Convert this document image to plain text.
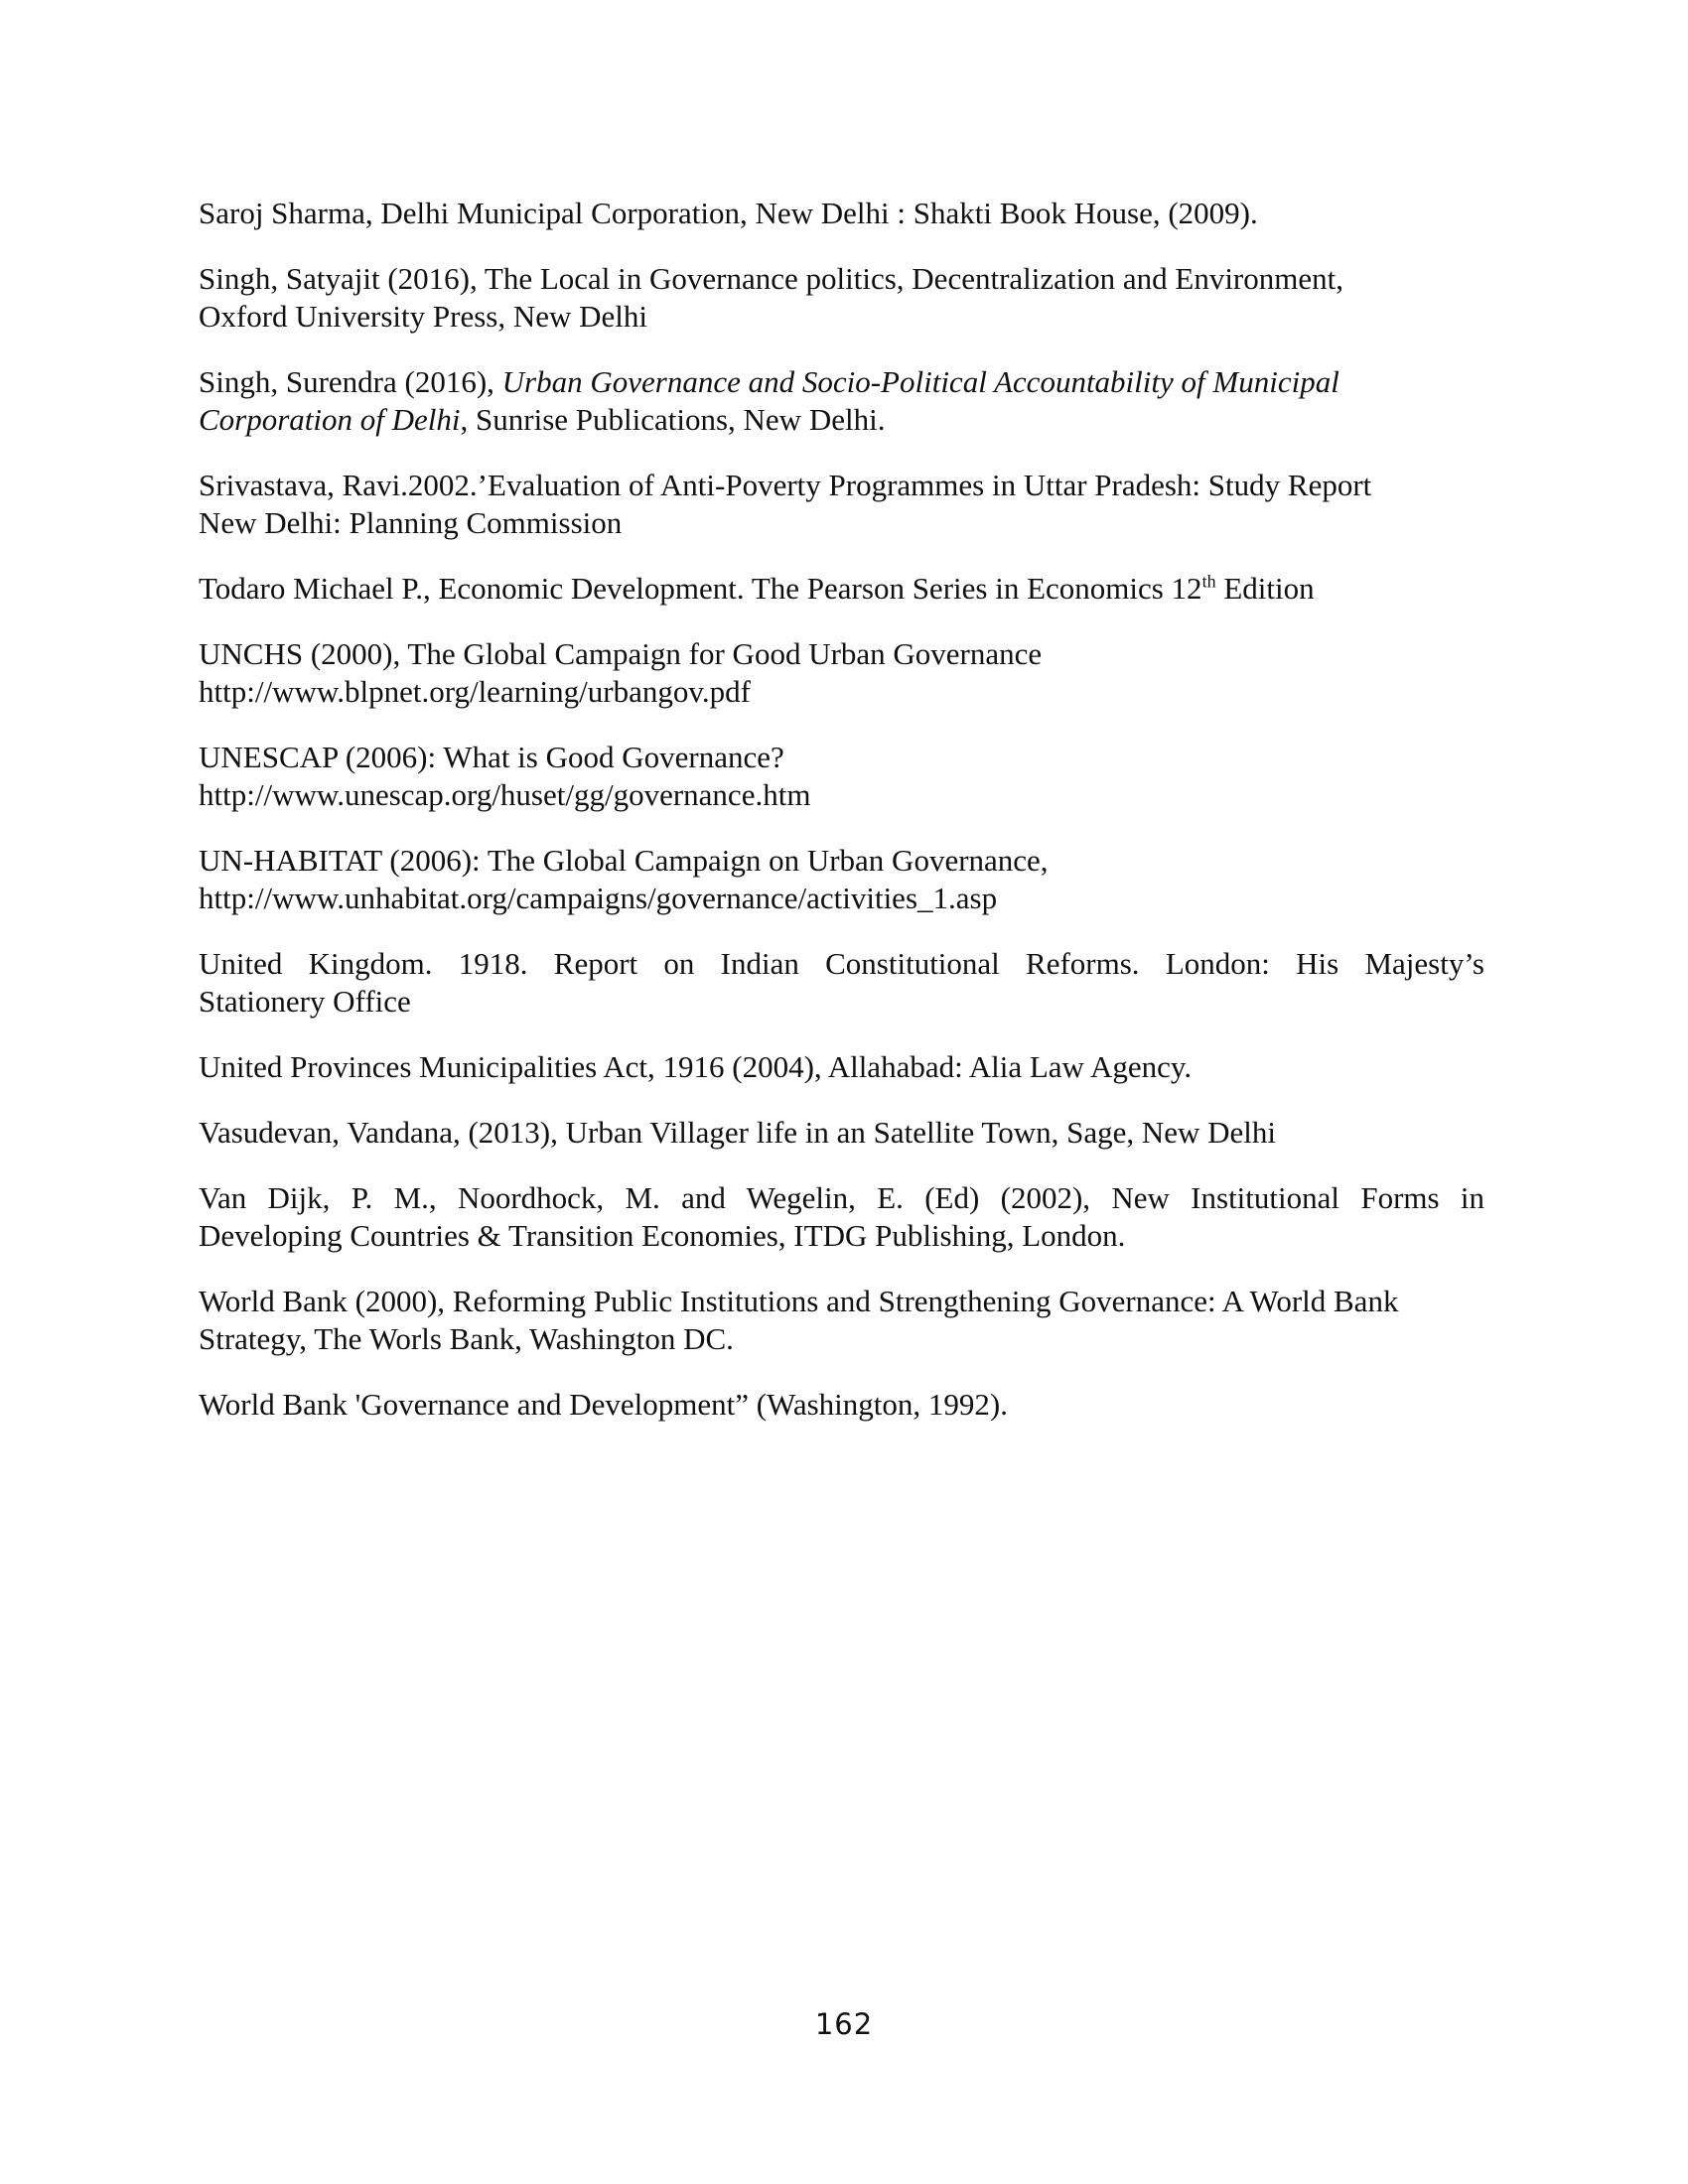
Saroj Sharma, Delhi Municipal Corporation, New Delhi : Shakti Book House, (2009).

Singh, Satyajit (2016), The Local in Governance politics, Decentralization and Environment,
Oxford University Press, New Delhi

Singh, Surendra (2016), Urban Governance and Socio-Political Accountability of Municipal
Corporation of Delhi, Sunrise Publications, New Delhi.

Srivastava, Ravi.2002.’Evaluation of Anti-Poverty Programmes in Uttar Pradesh: Study Report
New Delhi: Planning Commission

Todaro Michael P., Economic Development. The Pearson Series in Economics 12th Edition

UNCHS (2000), The Global Campaign for Good Urban Governance
http://www.blpnet.org/learning/urbangov.pdf

UNESCAP (2006): What is Good Governance?
http://www.unescap.org/huset/gg/governance.htm

UN-HABITAT (2006): The Global Campaign on Urban Governance,
http://www.unhabitat.org/campaigns/governance/activities_1.asp

United Kingdom. 1918. Report on Indian Constitutional Reforms. London: His Majesty’s
Stationery Office

United Provinces Municipalities Act, 1916 (2004), Allahabad: Alia Law Agency.

Vasudevan, Vandana, (2013), Urban Villager life in an Satellite Town, Sage, New Delhi

Van Dijk, P. M., Noordhock, M. and Wegelin, E. (Ed) (2002), New Institutional Forms in
Developing Countries & Transition Economies, ITDG Publishing, London.

World Bank (2000), Reforming Public Institutions and Strengthening Governance: A World Bank
Strategy, The Worls Bank, Washington DC.

World Bank 'Governance and Development” (Washington, 1992).

162
